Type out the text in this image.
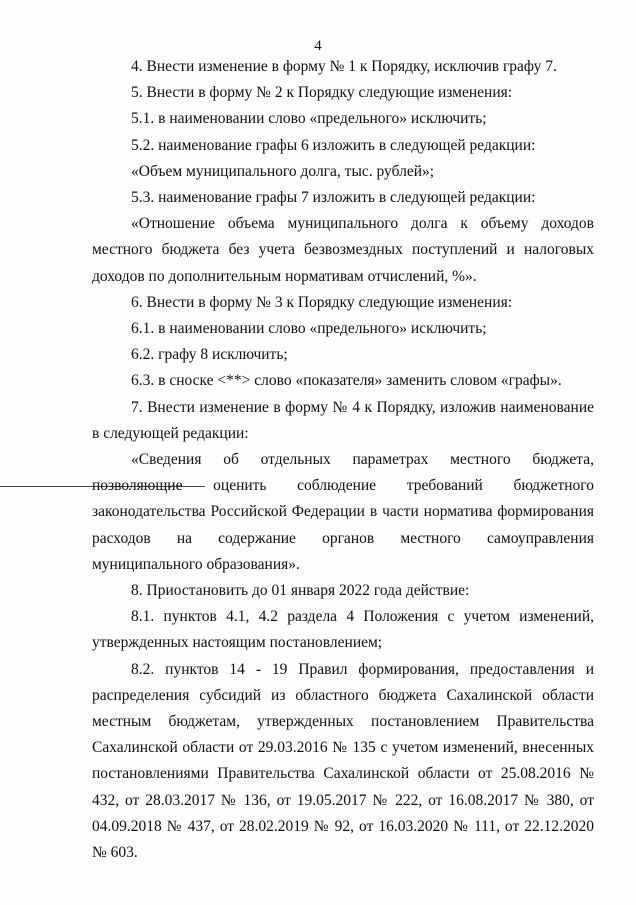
4

4. Внести изменение в форму № 1 к Порядку, исключив графу 7.

5. Внести в форму № 2 к Порядку следующие изменения:

5.1. в наименовании слово «предельного» исключить;

5.2. наименование графы 6 изложить в следующей редакции:

«Объем муниципального долга, тыс. рублей»;

5.3. наименование графы 7 изложить в следующей редакции:

«Отношение объема муниципального долга к объему доходов местного бюджета без учета безвозмездных поступлений и налоговых доходов по дополнительным нормативам отчислений, %».

6. Внести в форму № 3 к Порядку следующие изменения:

6.1. в наименовании слово «предельного» исключить;

6.2. графу 8 исключить;

6.3. в сноске <**> слово «показателя» заменить словом «графы».

7. Внести изменение в форму № 4 к Порядку, изложив наименование в следующей редакции:

«Сведения об отдельных параметрах местного бюджета, позволяющие оценить соблюдение требований бюджетного законодательства Российской Федерации в части норматива формирования расходов на содержание органов местного самоуправления муниципального образования».

8. Приостановить до 01 января 2022 года действие:

8.1. пунктов 4.1, 4.2 раздела 4 Положения с учетом изменений, утвержденных настоящим постановлением;

8.2. пунктов 14 - 19 Правил формирования, предоставления и распределения субсидий из областного бюджета Сахалинской области местным бюджетам, утвержденных постановлением Правительства Сахалинской области от 29.03.2016 № 135 с учетом изменений, внесенных постановлениями Правительства Сахалинской области от 25.08.2016 № 432, от 28.03.2017 № 136, от 19.05.2017 № 222, от 16.08.2017 № 380, от 04.09.2018 № 437, от 28.02.2019 № 92, от 16.03.2020 № 111, от 22.12.2020 № 603.
